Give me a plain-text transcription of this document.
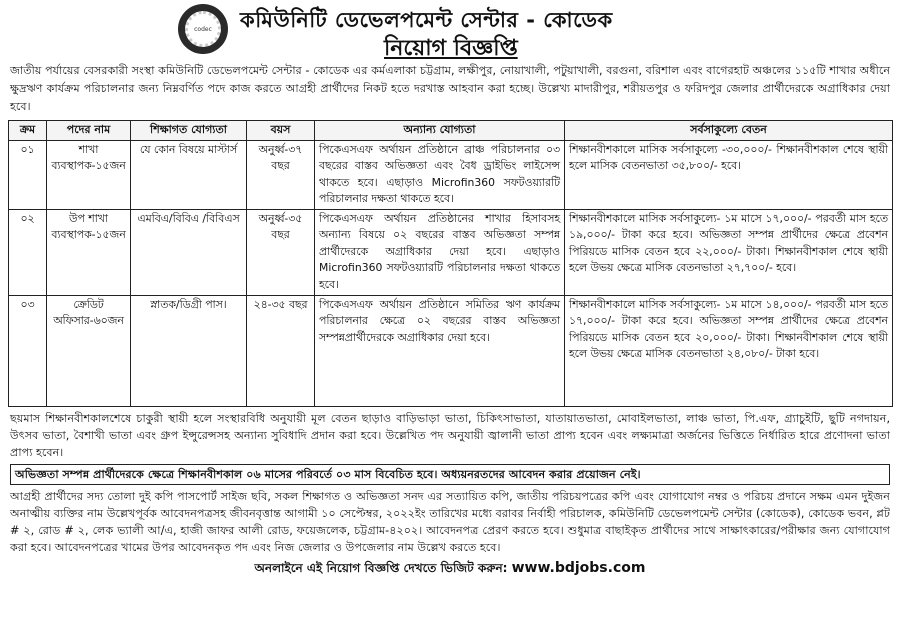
codec	কমিউনিটি ডেভেলপমেন্ট সেন্টার - কোডেক
নিয়োগ বিজ্ঞপ্তি
জাতীয় পর্যায়ের বেসরকারী সংস্থা কমিউনিটি ডেভেলপমেন্ট সেন্টার - কোডেক এর কর্মএলাকা চট্টগ্রাম, লক্ষীপুর, নোয়াখালী, পটুয়াখালী, বরগুনা, বরিশাল এবং বাগেরহাট অঞ্চলের ১১৫টি শাখার অধীনে ক্ষুদ্রঋণ কার্যক্রম পরিচালনার জন্য নিম্নবর্ণিত পদে কাজ করতে আগ্রহী প্রার্থীদের নিকট হতে দরখাস্ত আহবান করা হচ্ছে। উল্লেখ্য মাদারীপুর, শরীয়তপুর ও ফরিদপুর জেলার প্রার্থীদেরকে অগ্রাধিকার দেয়া হবে।
ক্রম	পদের নাম	শিক্ষাগত যোগ্যতা	বয়স	অন্যান্য যোগ্যতা	সর্বসাকুল্যে বেতন
০১	শাখা ব্যবস্থাপক-১৫জন	যে কোন বিষয়ে মাস্টার্স	অনুর্ধ্ব-৩৭ বছর	পিকেএসএফ অর্থায়ন প্রতিষ্ঠানে ব্রাঞ্চ পরিচালনার ০৩ বছরের বাস্তব অভিজ্ঞতা এবং বৈধ ড্রাইভিং লাইসেন্স থাকতে হবে। এছাড়াও Microfin360 সফটওয়্যারটি পরিচালনার দক্ষতা থাকতে হবে।	শিক্ষানবীশকালে মাসিক সর্বসাকুল্যে -৩০,০০০/- শিক্ষানবীশকাল শেষে স্থায়ী হলে মাসিক বেতনভাতা ৩৫,৮০০/- হবে।
০২	উপ শাখা ব্যবস্থাপক-১৫জন	এমবিএ/বিবিএ /বিবিএস	অনুর্ধ্ব-৩৫ বছর	পিকেএসএফ অর্থায়ন প্রতিষ্ঠানের শাখার হিসাবসহ অন্যান্য বিষয়ে ০২ বছরের বাস্তব অভিজ্ঞতা সম্পন্ন প্রার্থীদেরকে অগ্রাধিকার দেয়া হবে। এছাড়াও Microfin360 সফটওয়্যারটি পরিচালনার দক্ষতা থাকতে হবে।	শিক্ষানবীশকালে মাসিক সর্বসাকুল্যে- ১ম মাসে ১৭,০০০/- পরবর্তী মাস হতে ১৯,০০০/- টাকা করে হবে। অভিজ্ঞতা সম্পন্ন প্রার্থীদের ক্ষেত্রে প্রবেশন পিরিয়ডে মাসিক বেতন হবে ২২,০০০/- টাকা। শিক্ষানবীশকাল শেষে স্থায়ী হলে উভয় ক্ষেত্রে মাসিক বেতনভাতা ২৭,৭০০/- হবে।
০৩	ক্রেডিট অফিসার-৬০জন	স্নাতক/ডিগ্রী পাস।	২৪-৩৫ বছর	পিকেএসএফ অর্থায়ন প্রতিষ্ঠানে সমিতির ঋণ কার্যক্রম পরিচালনার ক্ষেত্রে ০২ বছরের বাস্তব অভিজ্ঞতা সম্পন্নপ্রার্থীদেরকে অগ্রাধিকার দেয়া হবে।	শিক্ষানবীশকালে মাসিক সর্বসাকুল্যে- ১ম মাসে ১৪,০০০/- পরবর্তী মাস হতে ১৭,০০০/- টাকা করে হবে। অভিজ্ঞতা সম্পন্ন প্রার্থীদের ক্ষেত্রে প্রবেশন পিরিয়ডে মাসিক বেতন হবে ২০,০০০/- টাকা। শিক্ষানবীশকাল শেষে স্থায়ী হলে উভয় ক্ষেত্রে মাসিক বেতনভাতা ২৪,০৮০/- টাকা হবে।
ছয়মাস শিক্ষানবীশকালশেষে চাকুরী স্থায়ী হলে সংস্থারবিধি অনুযায়ী মূল বেতন ছাড়াও বাড়িভাড়া ভাতা, চিকিৎসাভাতা, যাতায়াতভাতা, মোবাইলভাতা, লাঞ্চ ভাতা, পি.এফ, গ্র্যাচুইটি, ছুটি নগদায়ন, উৎসব ভাতা, বৈশাখী ভাতা এবং গ্রুপ ইন্সুরেন্সসহ অন্যান্য সুবিধাদি প্রদান করা হবে। উল্লেখিত পদ অনুযায়ী জ্বালানী ভাতা প্রাপ্য হবেন এবং লক্ষ্যমাত্রা অর্জনের ভিত্তিতে নির্ধারিত হারে প্রণোদনা ভাতা প্রাপ্য হবেন।
অভিজ্ঞতা সম্পন্ন প্রার্থীদেরকে ক্ষেত্রে শিক্ষানবীশকাল ০৬ মাসের পরিবর্তে ০৩ মাস বিবেচিত হবে। অধ্যয়নরতদের আবেদন করার প্রয়োজন নেই।
আগ্রহী প্রার্থীদের সদ্য তোলা দুই কপি পাসপোর্ট সাইজ ছবি, সকল শিক্ষাগত ও অভিজ্ঞতা সনদ এর সত্যায়িত কপি, জাতীয় পরিচয়পত্রের কপি এবং যোগাযোগ নম্বর ও পরিচয় প্রদানে সক্ষম এমন দুইজন অনাত্মীয় ব্যক্তির নাম উল্লেখপূর্বক আবেদনপত্রসহ জীবনবৃত্তান্ত আগামী ১০ সেপ্টেম্বর, ২০২২ইং তারিখের মধ্যে বরাবর নির্বাহী পরিচালক, কমিউনিটি ডেভেলপমেন্ট সেন্টার (কোডেক), কোডেক ভবন, প্লট # ২, রোড # ২, লেক ভ্যালী আ/এ, হাজী জাফর আলী রোড, ফয়েজলেক, চট্টগ্রাম-৪২০২। আবেদনপত্র প্রেরণ করতে হবে। শুধুমাত্র বাছাইকৃত প্রার্থীদের সাথে সাক্ষাৎকারের/পরীক্ষার জন্য যোগাযোগ করা হবে। আবেদনপত্রের খামের উপর আবেদনকৃত পদ এবং নিজ জেলার ও উপজেলার নাম উল্লেখ করতে হবে।
অনলাইনে এই নিয়োগ বিজ্ঞপ্তি দেখতে ভিজিট করুন: www.bdjobs.com
